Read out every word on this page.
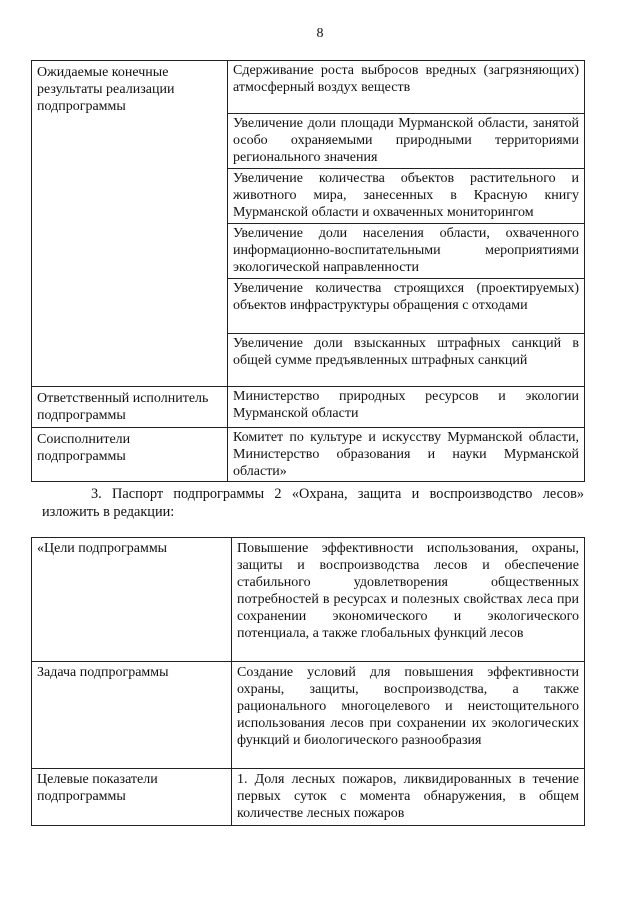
8
Ожидаемые конечные результаты реализации подпрограммы	Сдерживание роста выбросов вредных (загрязняющих) атмосферный воздух веществ
	Увеличение доли площади Мурманской области, занятой особо охраняемыми природными территориями регионального значения
	Увеличение количества объектов растительного и животного мира, занесенных в Красную книгу Мурманской области и охваченных мониторингом
	Увеличение доли населения области, охваченного информационно-воспитательными мероприятиями экологической направленности
	Увеличение количества строящихся (проектируемых) объектов инфраструктуры обращения с отходами
	Увеличение доли взысканных штрафных санкций в общей сумме предъявленных штрафных санкций
Ответственный исполнитель подпрограммы	Министерство природных ресурсов и экологии Мурманской области
Соисполнители подпрограммы	Комитет по культуре и искусству Мурманской области, Министерство образования и науки Мурманской области»
3. Паспорт подпрограммы 2 «Охрана, защита и воспроизводство лесов»
изложить в редакции:
«Цели подпрограммы	Повышение эффективности использования, охраны, защиты и воспроизводства лесов и обеспечение стабильного удовлетворения общественных потребностей в ресурсах и полезных свойствах леса при сохранении экономического и экологического потенциала, а также глобальных функций лесов
Задача подпрограммы	Создание условий для повышения эффективности охраны, защиты, воспроизводства, а также рационального многоцелевого и неистощительного использования лесов при сохранении их экологических функций и биологического разнообразия
Целевые показатели подпрограммы	1. Доля лесных пожаров, ликвидированных в течение первых суток с момента обнаружения, в общем количестве лесных пожаров
